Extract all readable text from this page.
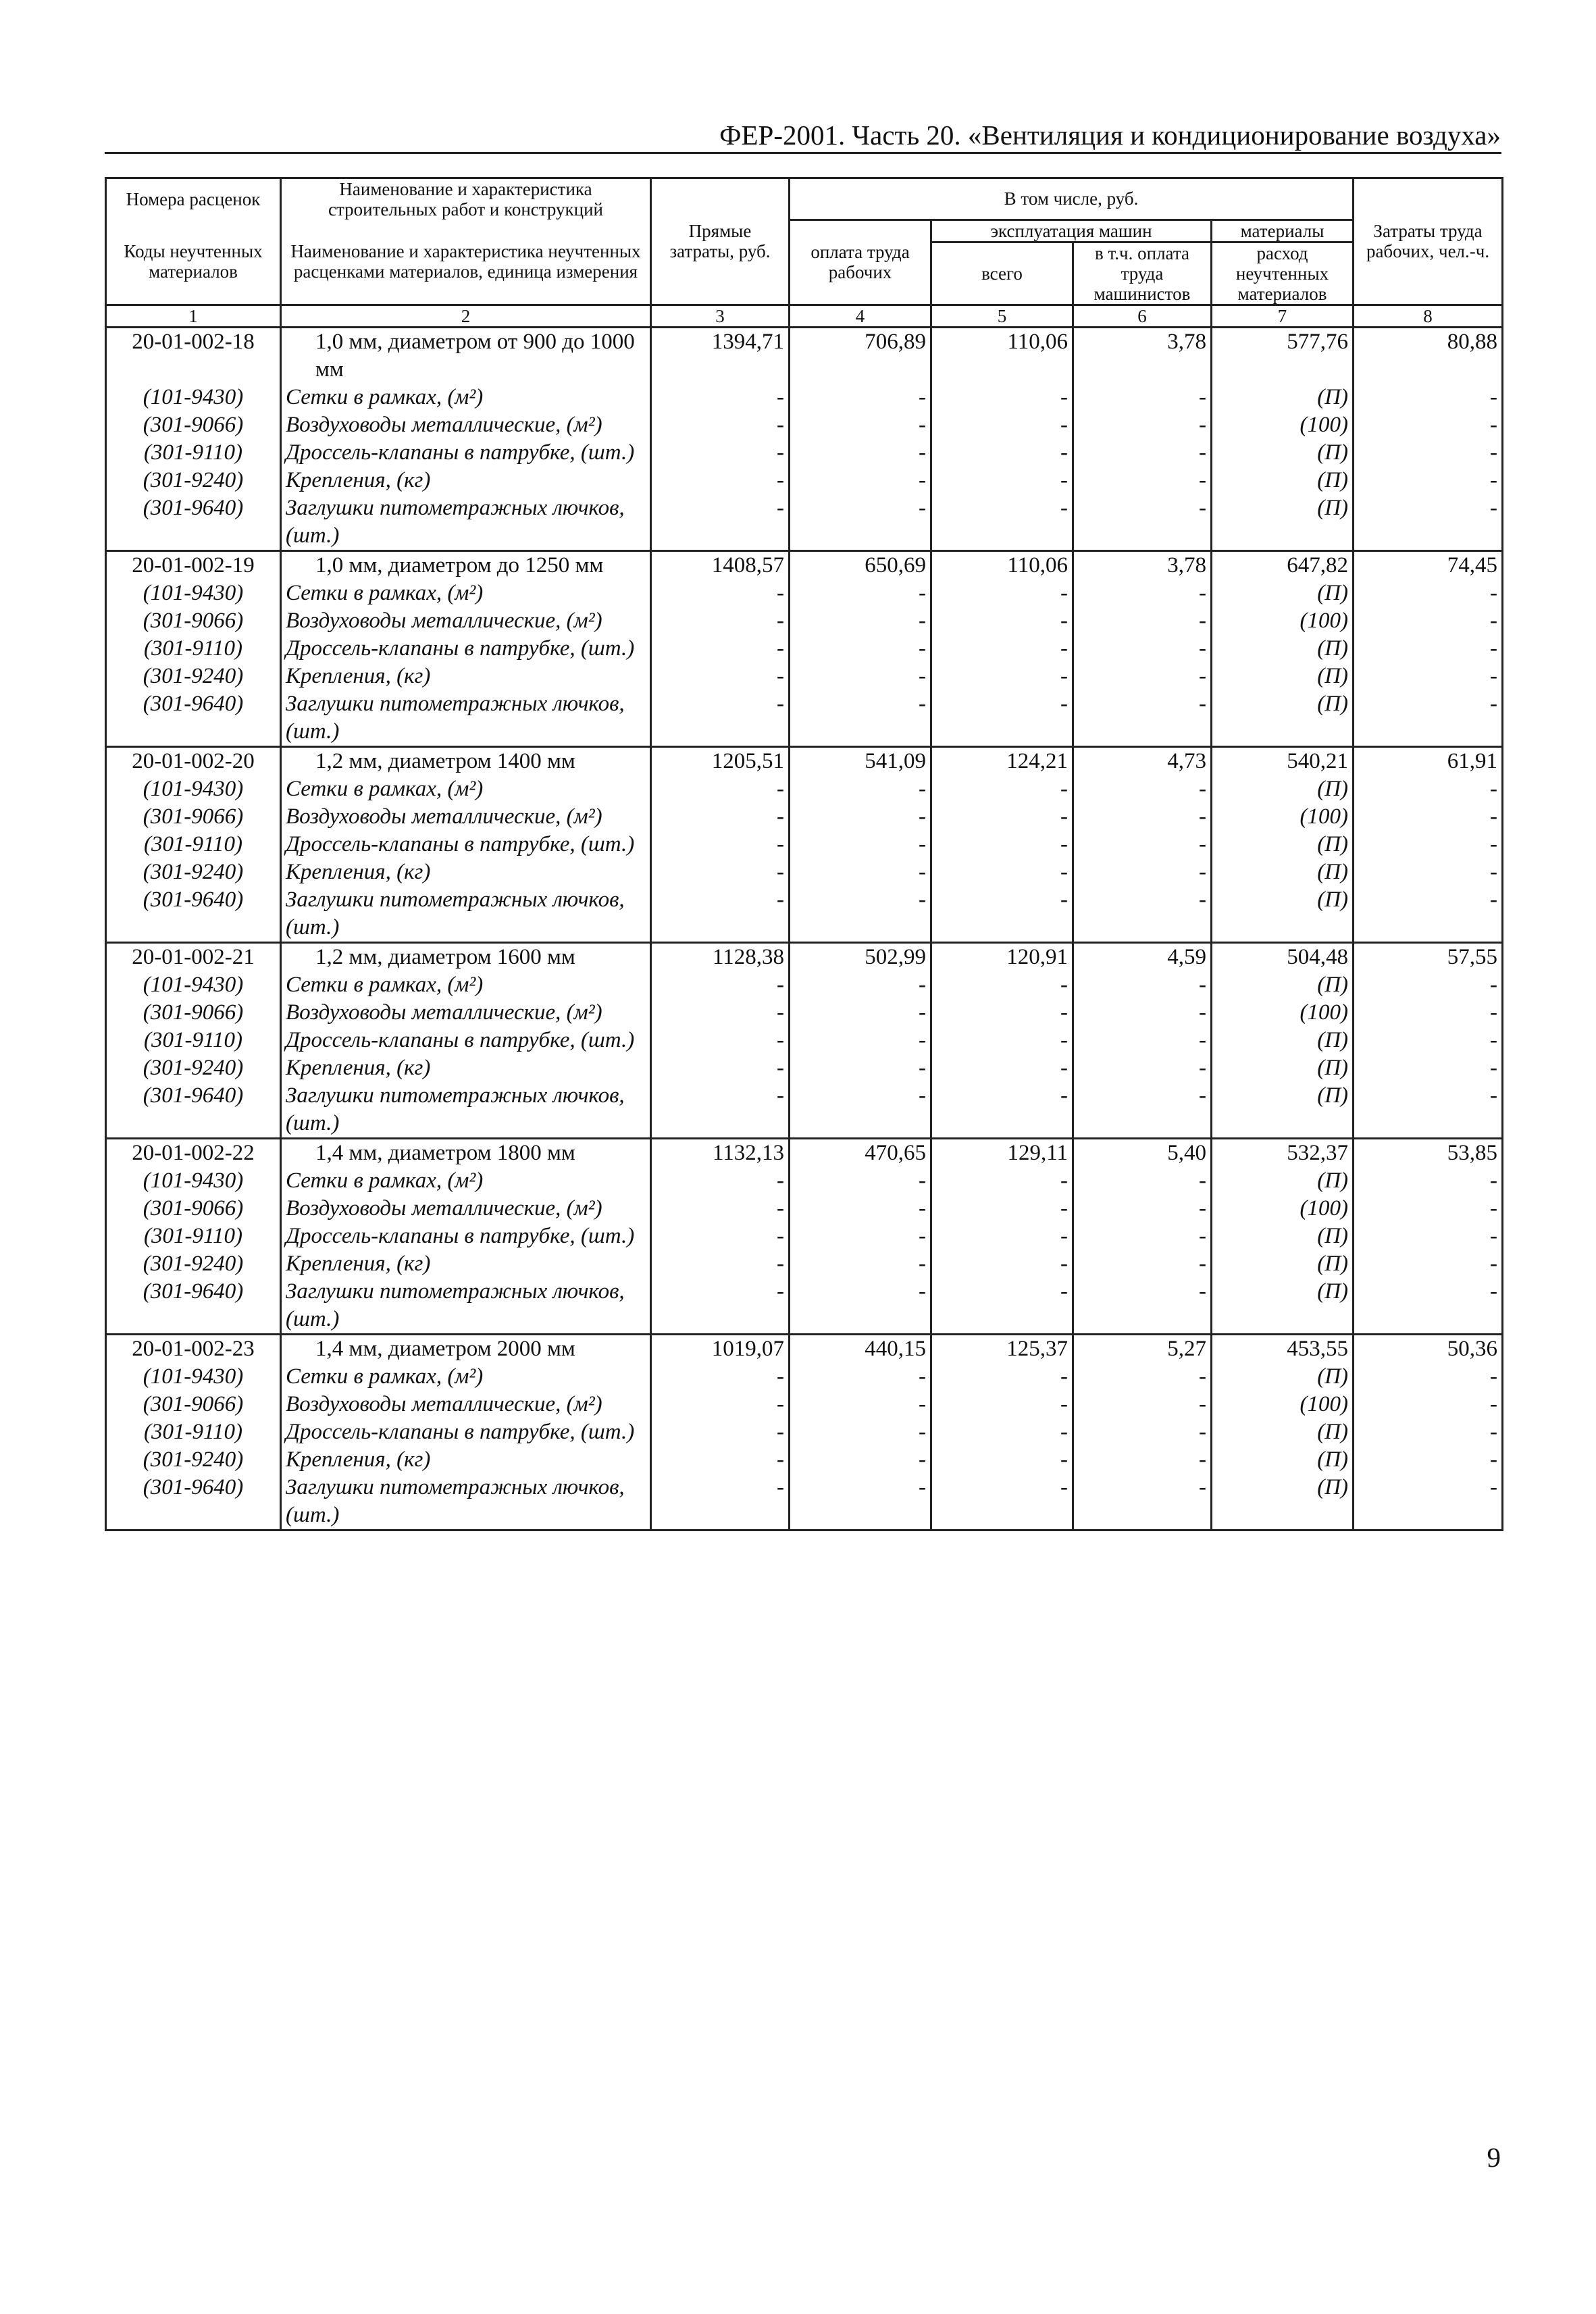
ФЕР-2001. Часть 20. «Вентиляция и кондиционирование воздуха»
Номера расценок	Наименование и характеристика строительных работ и конструкций	Прямые затраты, руб.	В том числе, руб.				Затраты труда рабочих, чел.-ч.
Коды неучтенных материалов	Наименование и характеристика неучтенных расценками материалов, единица измерения		оплата труда рабочих	эксплуатация машин		материалы	
				всего	в т.ч. оплата труда машинистов	расход неучтенных материалов	

1	2	3	4	5	6	7	8
20-01-002-18	1,0 мм, диаметром от 900 до 1000 мм	1394,71	706,89	110,06	3,78	577,76	80,88
(101-9430)	Сетки в рамках, (м²)	-	-	-	-	(П)	-
(301-9066)	Воздуховоды металлические, (м²)	-	-	-	-	(100)	-
(301-9110)	Дроссель-клапаны в патрубке, (шт.)	-	-	-	-	(П)	-
(301-9240)	Крепления, (кг)	-	-	-	-	(П)	-
(301-9640)	Заглушки питометражных лючков, (шт.)	-	-	-	-	(П)	-
20-01-002-19	1,0 мм, диаметром до 1250 мм	1408,57	650,69	110,06	3,78	647,82	74,45
(101-9430)	Сетки в рамках, (м²)	-	-	-	-	(П)	-
(301-9066)	Воздуховоды металлические, (м²)	-	-	-	-	(100)	-
(301-9110)	Дроссель-клапаны в патрубке, (шт.)	-	-	-	-	(П)	-
(301-9240)	Крепления, (кг)	-	-	-	-	(П)	-
(301-9640)	Заглушки питометражных лючков, (шт.)	-	-	-	-	(П)	-
20-01-002-20	1,2 мм, диаметром 1400 мм	1205,51	541,09	124,21	4,73	540,21	61,91
(101-9430)	Сетки в рамках, (м²)	-	-	-	-	(П)	-
(301-9066)	Воздуховоды металлические, (м²)	-	-	-	-	(100)	-
(301-9110)	Дроссель-клапаны в патрубке, (шт.)	-	-	-	-	(П)	-
(301-9240)	Крепления, (кг)	-	-	-	-	(П)	-
(301-9640)	Заглушки питометражных лючков, (шт.)	-	-	-	-	(П)	-
20-01-002-21	1,2 мм, диаметром 1600 мм	1128,38	502,99	120,91	4,59	504,48	57,55
(101-9430)	Сетки в рамках, (м²)	-	-	-	-	(П)	-
(301-9066)	Воздуховоды металлические, (м²)	-	-	-	-	(100)	-
(301-9110)	Дроссель-клапаны в патрубке, (шт.)	-	-	-	-	(П)	-
(301-9240)	Крепления, (кг)	-	-	-	-	(П)	-
(301-9640)	Заглушки питометражных лючков, (шт.)	-	-	-	-	(П)	-
20-01-002-22	1,4 мм, диаметром 1800 мм	1132,13	470,65	129,11	5,40	532,37	53,85
(101-9430)	Сетки в рамках, (м²)	-	-	-	-	(П)	-
(301-9066)	Воздуховоды металлические, (м²)	-	-	-	-	(100)	-
(301-9110)	Дроссель-клапаны в патрубке, (шт.)	-	-	-	-	(П)	-
(301-9240)	Крепления, (кг)	-	-	-	-	(П)	-
(301-9640)	Заглушки питометражных лючков, (шт.)	-	-	-	-	(П)	-
20-01-002-23	1,4 мм, диаметром 2000 мм	1019,07	440,15	125,37	5,27	453,55	50,36
(101-9430)	Сетки в рамках, (м²)	-	-	-	-	(П)	-
(301-9066)	Воздуховоды металлические, (м²)	-	-	-	-	(100)	-
(301-9110)	Дроссель-клапаны в патрубке, (шт.)	-	-	-	-	(П)	-
(301-9240)	Крепления, (кг)	-	-	-	-	(П)	-
(301-9640)	Заглушки питометражных лючков, (шт.)	-	-	-	-	(П)	-
9
